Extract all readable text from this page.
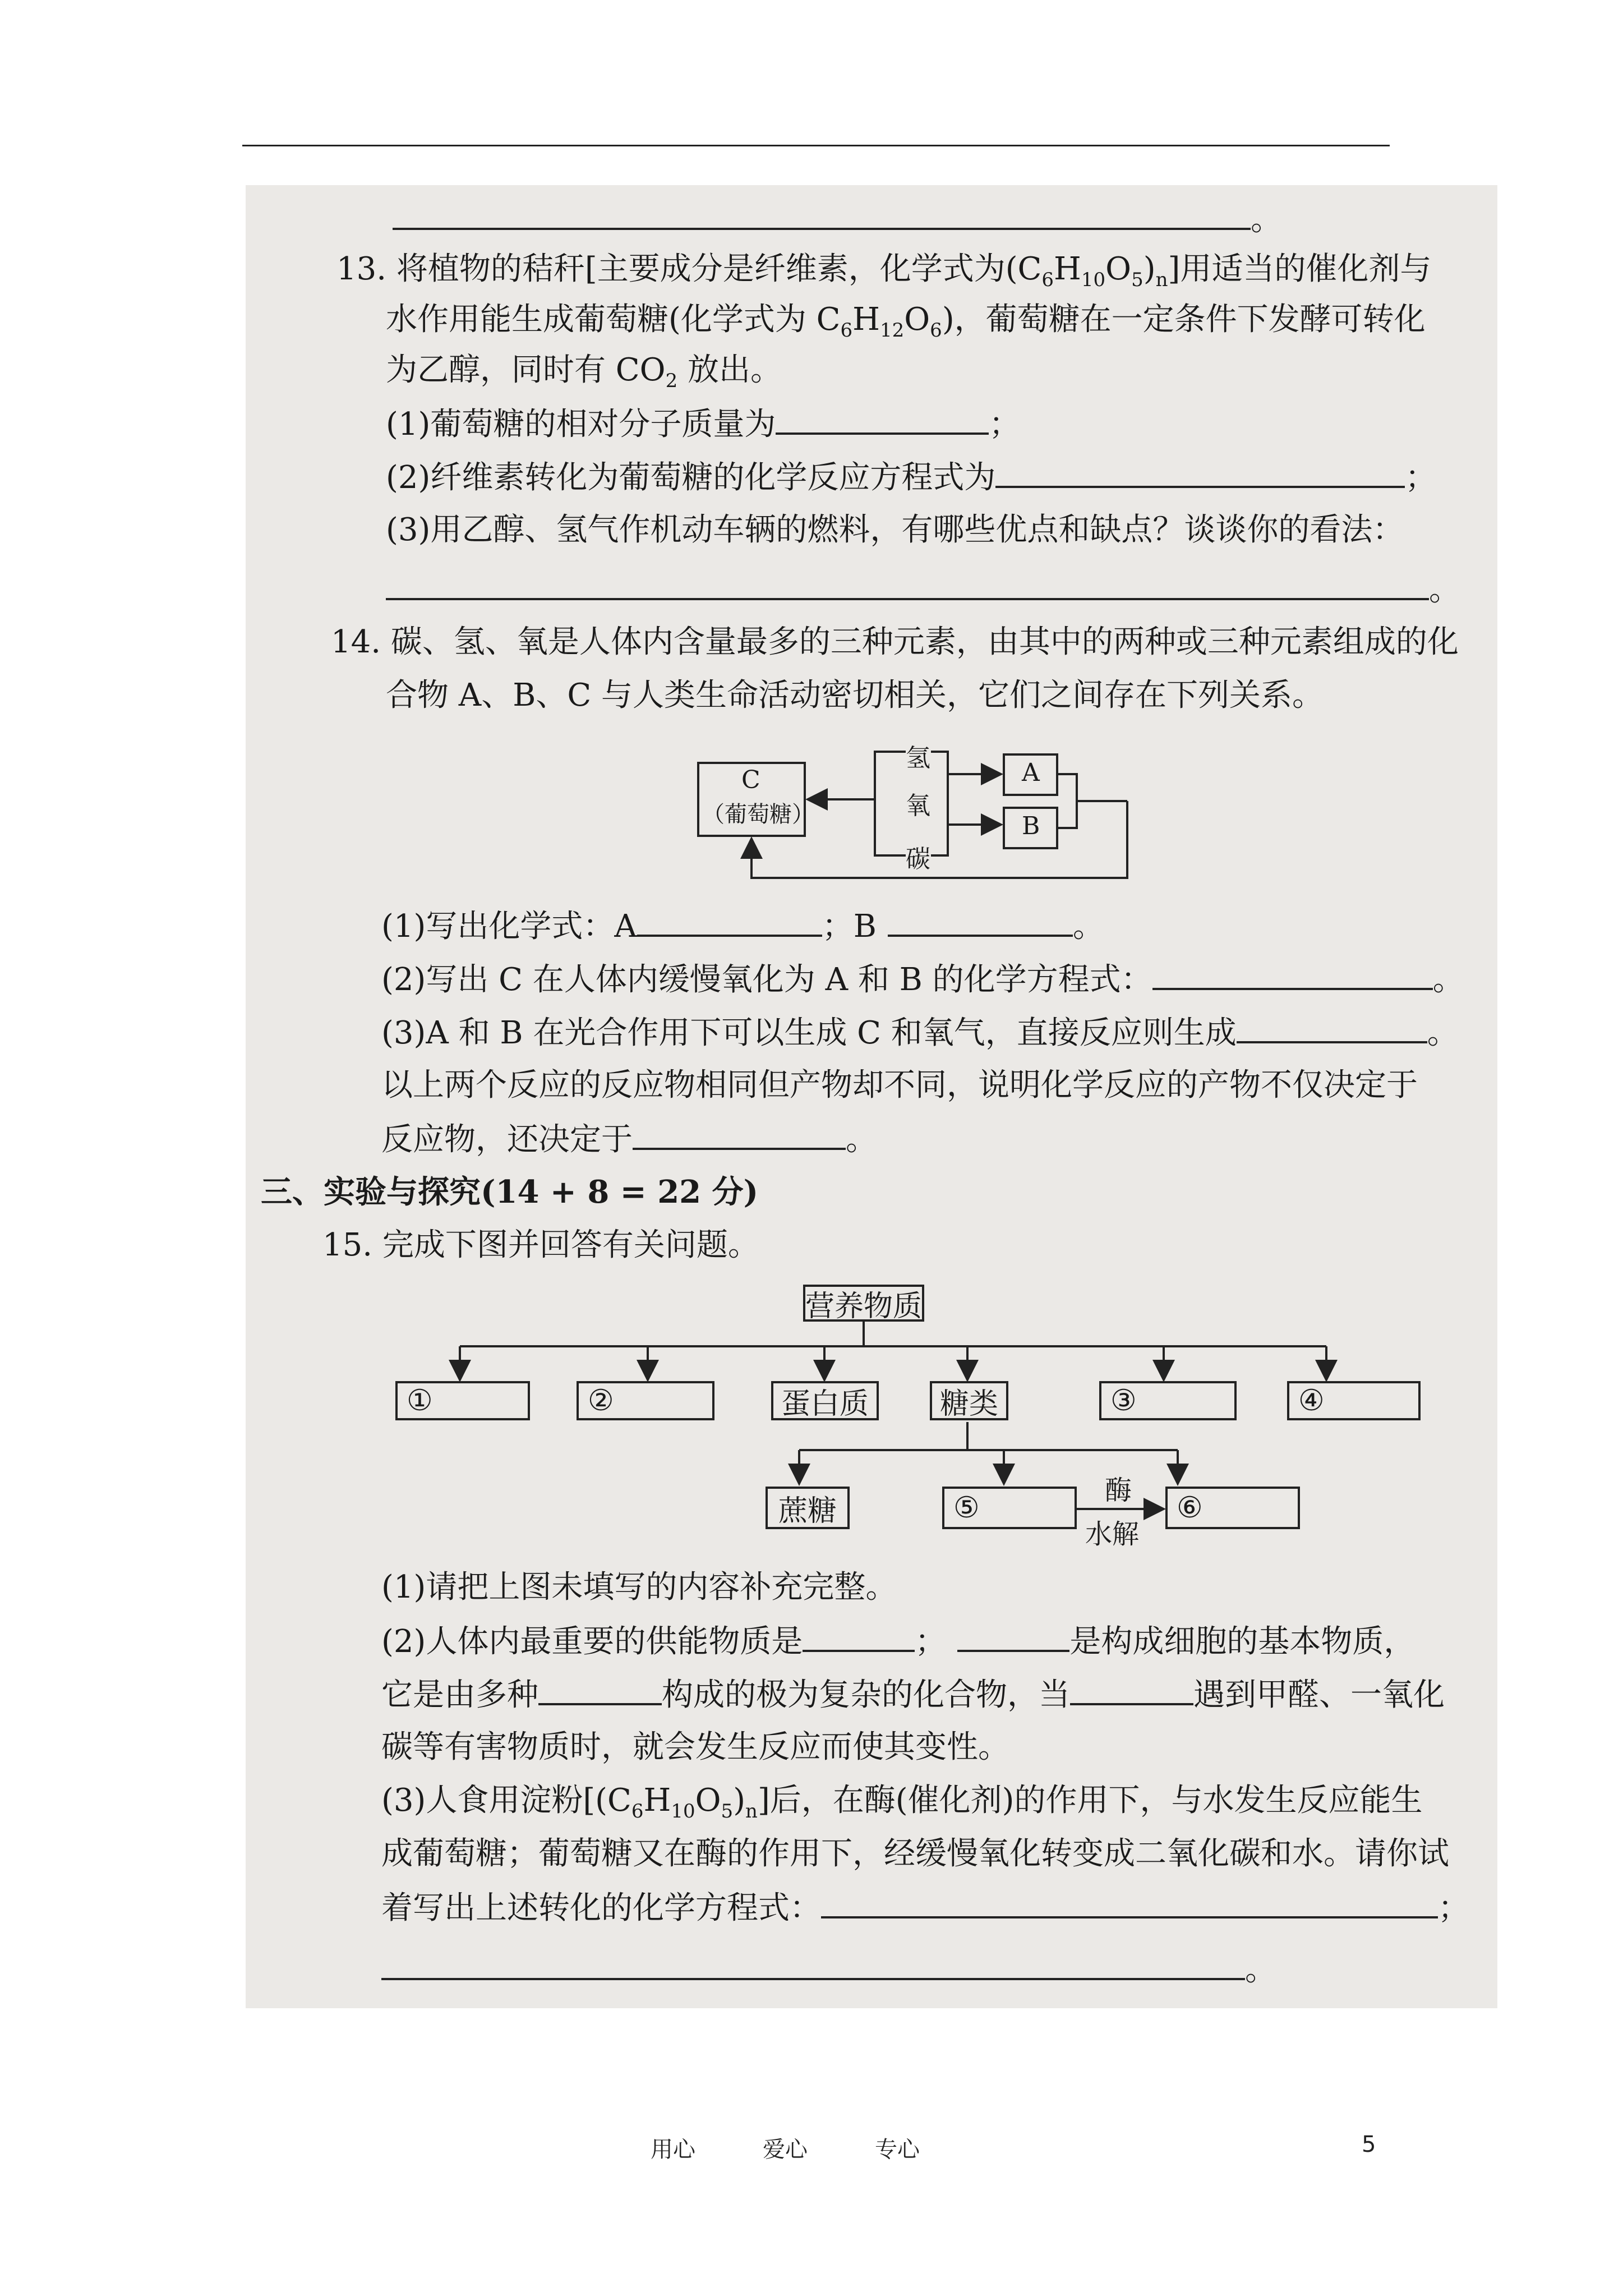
。
13. 将植物的秸秆[主要成分是纤维素，化学式为$(C_6H_{10}O_5)_n$]用适当的催化剂与
水作用能生成葡萄糖(化学式为 $C_6H_{12}O_6$)，葡萄糖在一定条件下发酵可转化
为乙醇，同时有 $CO_2$ 放出。
(1)葡萄糖的相对分子质量为	；
(2)纤维素转化为葡萄糖的化学反应方程式为	；
(3)用乙醇、氢气作机动车辆的燃料，有哪些优点和缺点？谈谈你的看法：
。
14. 碳、氢、氧是人体内含量最多的三种元素，由其中的两种或三种元素组成的化
合物 A、B、C 与人类生命活动密切相关，它们之间存在下列关系。
C
（葡萄糖）
氢
氧
碳
A
B
(1)写出化学式：A	；B	。
(2)写出 C 在人体内缓慢氧化为 A 和 B 的化学方程式：	。
(3)A 和 B 在光合作用下可以生成 C 和氧气，直接反应则生成	。
以上两个反应的反应物相同但产物却不同，说明化学反应的产物不仅决定于
反应物，还决定于	。
三、实验与探究(14 + 8 = 22 分)
15. 完成下图并回答有关问题。
营养物质
①	②	蛋白质	糖类	③	④
蔗糖	⑤	⑥
酶
水解
(1)请把上图未填写的内容补充完整。
(2)人体内最重要的供能物质是	；	是构成细胞的基本物质，
它是由多种	构成的极为复杂的化合物，当	遇到甲醛、一氧化
碳等有害物质时，就会发生反应而使其变性。
(3)人食用淀粉$[(C_6H_{10}O_5)_n]$后，在酶(催化剂)的作用下，与水发生反应能生
成葡萄糖；葡萄糖又在酶的作用下，经缓慢氧化转变成二氧化碳和水。请你试
着写出上述转化的化学方程式：	；
。
用心	爱心	专心	5
